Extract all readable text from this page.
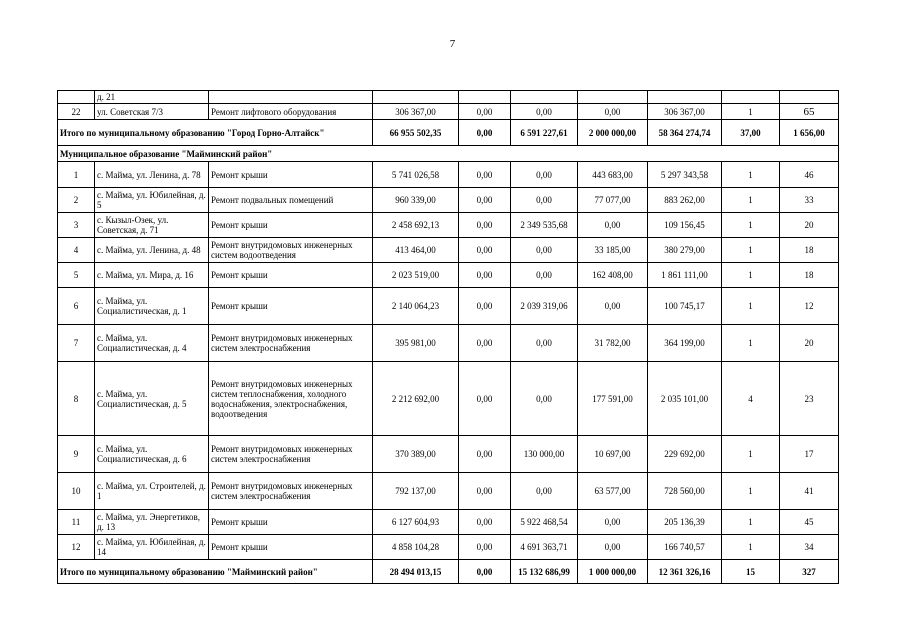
7
	д. 21								
22	ул. Советская 7/3	Ремонт лифтового оборудования	306 367,00	0,00	0,00	0,00	306 367,00	1	65
Итого по муниципальному образованию "Город Горно-Алтайск"			66 955 502,35	0,00	6 591 227,61	2 000 000,00	58 364 274,74	37,00	1 656,00
Муниципальное образование "Майминский район"									
1	с. Майма, ул. Ленина, д. 78	Ремонт крыши	5 741 026,58	0,00	0,00	443 683,00	5 297 343,58	1	46
2	с. Майма, ул. Юбилейная, д. 5	Ремонт подвальных помещений	960 339,00	0,00	0,00	77 077,00	883 262,00	1	33
3	с. Кызыл-Озек, ул. Советская, д. 71	Ремонт крыши	2 458 692,13	0,00	2 349 535,68	0,00	109 156,45	1	20
4	с. Майма, ул. Ленина, д. 48	Ремонт внутридомовых инженерных систем водоотведения	413 464,00	0,00	0,00	33 185,00	380 279,00	1	18
5	с. Майма, ул. Мира, д. 16	Ремонт крыши	2 023 519,00	0,00	0,00	162 408,00	1 861 111,00	1	18
6	с. Майма, ул. Социалистическая, д. 1	Ремонт крыши	2 140 064,23	0,00	2 039 319,06	0,00	100 745,17	1	12
7	с. Майма, ул. Социалистическая, д. 4	Ремонт внутридомовых инженерных систем электроснабжения	395 981,00	0,00	0,00	31 782,00	364 199,00	1	20
8	с. Майма, ул. Социалистическая, д. 5	Ремонт внутридомовых инженерных систем теплоснабжения, холодного водоснабжения, электроснабжения, водоотведения	2 212 692,00	0,00	0,00	177 591,00	2 035 101,00	4	23
9	с. Майма, ул. Социалистическая, д. 6	Ремонт внутридомовых инженерных систем электроснабжения	370 389,00	0,00	130 000,00	10 697,00	229 692,00	1	17
10	с. Майма, ул. Строителей, д. 1	Ремонт внутридомовых инженерных систем электроснабжения	792 137,00	0,00	0,00	63 577,00	728 560,00	1	41
11	с. Майма, ул. Энергетиков, д. 13	Ремонт крыши	6 127 604,93	0,00	5 922 468,54	0,00	205 136,39	1	45
12	с. Майма, ул. Юбилейная, д. 14	Ремонт крыши	4 858 104,28	0,00	4 691 363,71	0,00	166 740,57	1	34
Итого по муниципальному образованию "Майминский район"			28 494 013,15	0,00	15 132 686,99	1 000 000,00	12 361 326,16	15	327
